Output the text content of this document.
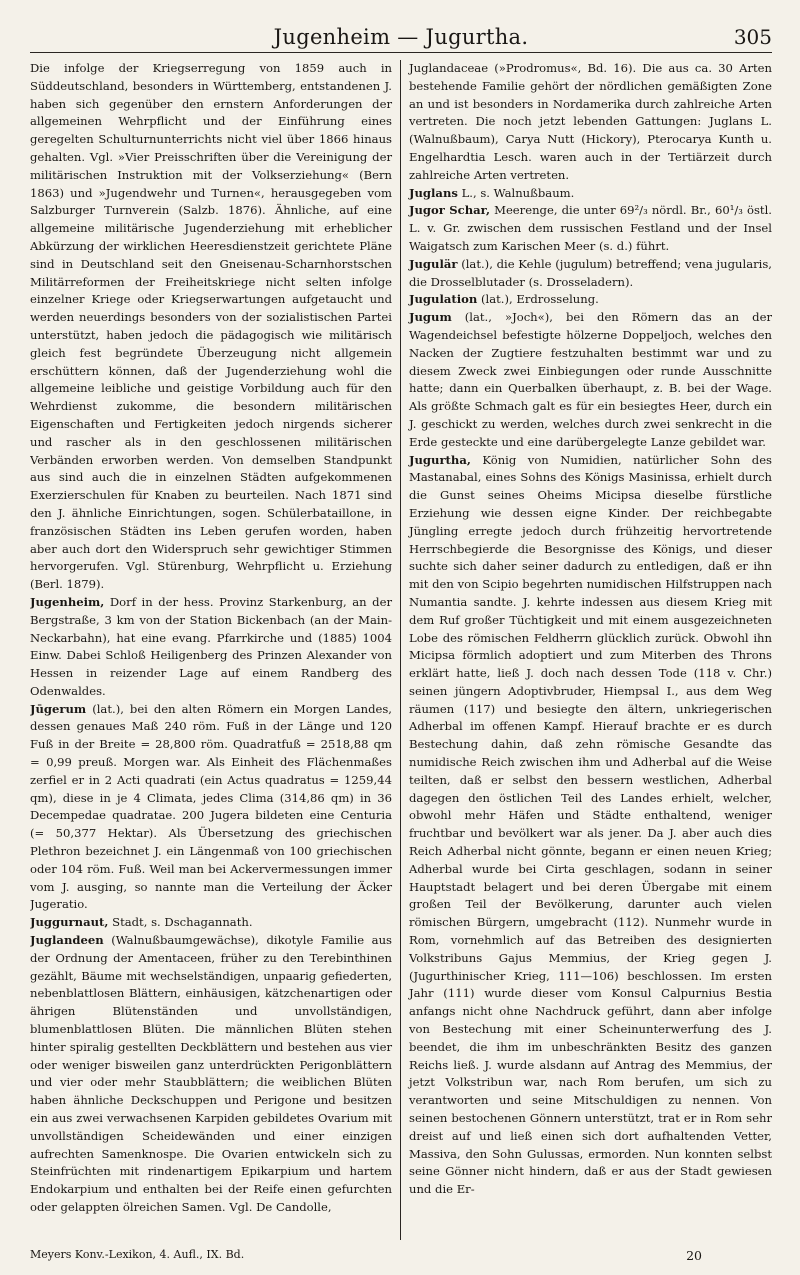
Jugenheim — Jugurtha.	305

Die infolge der Kriegserregung von 1859 auch in Süddeutschland, besonders in Württemberg, entstandenen J. haben sich gegenüber den ernstern Anforderungen der allgemeinen Wehrpflicht und der Einführung eines geregelten Schulturnunterrichts nicht viel über 1866 hinaus gehalten. Vgl. »Vier Preisschriften über die Vereinigung der militärischen Instruktion mit der Volkserziehung« (Bern 1863) und »Jugendwehr und Turnen«, herausgegeben vom Salzburger Turnverein (Salzb. 1876). Ähnliche, auf eine allgemeine militärische Jugenderziehung mit erheblicher Abkürzung der wirklichen Heeresdienstzeit gerichtete Pläne sind in Deutschland seit den Gneisenau-Scharnhorstschen Militärreformen der Freiheitskriege nicht selten infolge einzelner Kriege oder Kriegserwartungen aufgetaucht und werden neuerdings besonders von der sozialistischen Partei unterstützt, haben jedoch die pädagogisch wie militärisch gleich fest begründete Überzeugung nicht allgemein erschüttern können, daß der Jugenderziehung wohl die allgemeine leibliche und geistige Vorbildung auch für den Wehrdienst zukomme, die besondern militärischen Eigenschaften und Fertigkeiten jedoch nirgends sicherer und rascher als in den geschlossenen militärischen Verbänden erworben werden. Von demselben Standpunkt aus sind auch die in einzelnen Städten aufgekommenen Exerzierschulen für Knaben zu beurteilen. Nach 1871 sind den J. ähnliche Einrichtungen, sogen. Schülerbataillone, in französischen Städten ins Leben gerufen worden, haben aber auch dort den Widerspruch sehr gewichtiger Stimmen hervorgerufen. Vgl. Stürenburg, Wehrpflicht u. Erziehung (Berl. 1879).

Jugenheim, Dorf in der hess. Provinz Starkenburg, an der Bergstraße, 3 km von der Station Bickenbach (an der Main-Neckarbahn), hat eine evang. Pfarrkirche und (1885) 1004 Einw. Dabei Schloß Heiligenberg des Prinzen Alexander von Hessen in reizender Lage auf einem Randberg des Odenwaldes.

Jūgerum (lat.), bei den alten Römern ein Morgen Landes, dessen genaues Maß 240 röm. Fuß in der Länge und 120 Fuß in der Breite = 28,800 röm. Quadratfuß = 2518,88 qm = 0,99 preuß. Morgen war. Als Einheit des Flächenmaßes zerfiel er in 2 Acti quadrati (ein Actus quadratus = 1259,44 qm), diese in je 4 Climata, jedes Clima (314,86 qm) in 36 Decempedae quadratae. 200 Jugera bildeten eine Centuria (= 50,377 Hektar). Als Übersetzung des griechischen Plethron bezeichnet J. ein Längenmaß von 100 griechischen oder 104 röm. Fuß. Weil man bei Ackervermessungen immer vom J. ausging, so nannte man die Verteilung der Äcker Jugeratio.

Juggurnaut, Stadt, s. Dschagannath.

Juglandeen (Walnußbaumgewächse), dikotyle Familie aus der Ordnung der Amentaceen, früher zu den Terebinthinen gezählt, Bäume mit wechselständigen, unpaarig gefiederten, nebenblattlosen Blättern, einhäusigen, kätzchenartigen oder ährigen Blütenständen und unvollständigen, blumenblattlosen Blüten. Die männlichen Blüten stehen hinter spiralig gestellten Deckblättern und bestehen aus vier oder weniger bisweilen ganz unterdrückten Perigonblättern und vier oder mehr Staubblättern; die weiblichen Blüten haben ähnliche Deckschuppen und Perigone und besitzen ein aus zwei verwachsenen Karpiden gebildetes Ovarium mit unvollständigen Scheidewänden und einer einzigen aufrechten Samenknospe. Die Ovarien entwickeln sich zu Steinfrüchten mit rindenartigem Epikarpium und hartem Endokarpium und enthalten bei der Reife einen gefurchten oder gelappten ölreichen Samen. Vgl. De Candolle,

Juglandaceae (»Prodromus«, Bd. 16). Die aus ca. 30 Arten bestehende Familie gehört der nördlichen gemäßigten Zone an und ist besonders in Nordamerika durch zahlreiche Arten vertreten. Die noch jetzt lebenden Gattungen: Juglans L. (Walnußbaum), Carya Nutt (Hickory), Pterocarya Kunth u. Engelhardtia Lesch. waren auch in der Tertiärzeit durch zahlreiche Arten vertreten.

Juglans L., s. Walnußbaum.

Jugor Schar, Meerenge, die unter 69²/₃ nördl. Br., 60¹/₃ östl. L. v. Gr. zwischen dem russischen Festland und der Insel Waigatsch zum Karischen Meer (s. d.) führt.

Jugulär (lat.), die Kehle (jugulum) betreffend; vena jugularis, die Drosselblutader (s. Drosseladern).

Jugulation (lat.), Erdrosselung.

Jugum (lat., »Joch«), bei den Römern das an der Wagendeichsel befestigte hölzerne Doppeljoch, welches den Nacken der Zugtiere festzuhalten bestimmt war und zu diesem Zweck zwei Einbiegungen oder runde Ausschnitte hatte; dann ein Querbalken überhaupt, z. B. bei der Wage. Als größte Schmach galt es für ein besiegtes Heer, durch ein J. geschickt zu werden, welches durch zwei senkrecht in die Erde gesteckte und eine darübergelegte Lanze gebildet war.

Jugurtha, König von Numidien, natürlicher Sohn des Mastanabal, eines Sohns des Königs Masinissa, erhielt durch die Gunst seines Oheims Micipsa dieselbe fürstliche Erziehung wie dessen eigne Kinder. Der reichbegabte Jüngling erregte jedoch durch frühzeitig hervortretende Herrschbegierde die Besorgnisse des Königs, und dieser suchte sich daher seiner dadurch zu entledigen, daß er ihn mit den von Scipio begehrten numidischen Hilfstruppen nach Numantia sandte. J. kehrte indessen aus diesem Krieg mit dem Ruf großer Tüchtigkeit und mit einem ausgezeichneten Lobe des römischen Feldherrn glücklich zurück. Obwohl ihn Micipsa förmlich adoptiert und zum Miterben des Throns erklärt hatte, ließ J. doch nach dessen Tode (118 v. Chr.) seinen jüngern Adoptivbruder, Hiempsal I., aus dem Weg räumen (117) und besiegte den ältern, unkriegerischen Adherbal im offenen Kampf. Hierauf brachte er es durch Bestechung dahin, daß zehn römische Gesandte das numidische Reich zwischen ihm und Adherbal auf die Weise teilten, daß er selbst den bessern westlichen, Adherbal dagegen den östlichen Teil des Landes erhielt, welcher, obwohl mehr Häfen und Städte enthaltend, weniger fruchtbar und bevölkert war als jener. Da J. aber auch dies Reich Adherbal nicht gönnte, begann er einen neuen Krieg; Adherbal wurde bei Cirta geschlagen, sodann in seiner Hauptstadt belagert und bei deren Übergabe mit einem großen Teil der Bevölkerung, darunter auch vielen römischen Bürgern, umgebracht (112). Nunmehr wurde in Rom, vornehmlich auf das Betreiben des designierten Volkstribuns Gajus Memmius, der Krieg gegen J. (Jugurthinischer Krieg, 111—106) beschlossen. Im ersten Jahr (111) wurde dieser vom Konsul Calpurnius Bestia anfangs nicht ohne Nachdruck geführt, dann aber infolge von Bestechung mit einer Scheinunterwerfung des J. beendet, die ihm im unbeschränkten Besitz des ganzen Reichs ließ. J. wurde alsdann auf Antrag des Memmius, der jetzt Volkstribun war, nach Rom berufen, um sich zu verantworten und seine Mitschuldigen zu nennen. Von seinen bestochenen Gönnern unterstützt, trat er in Rom sehr dreist auf und ließ einen sich dort aufhaltenden Vetter, Massiva, den Sohn Gulussas, ermorden. Nun konnten selbst seine Gönner nicht hindern, daß er aus der Stadt gewiesen und die Er-

Meyers Konv.-Lexikon, 4. Aufl., IX. Bd.	20
